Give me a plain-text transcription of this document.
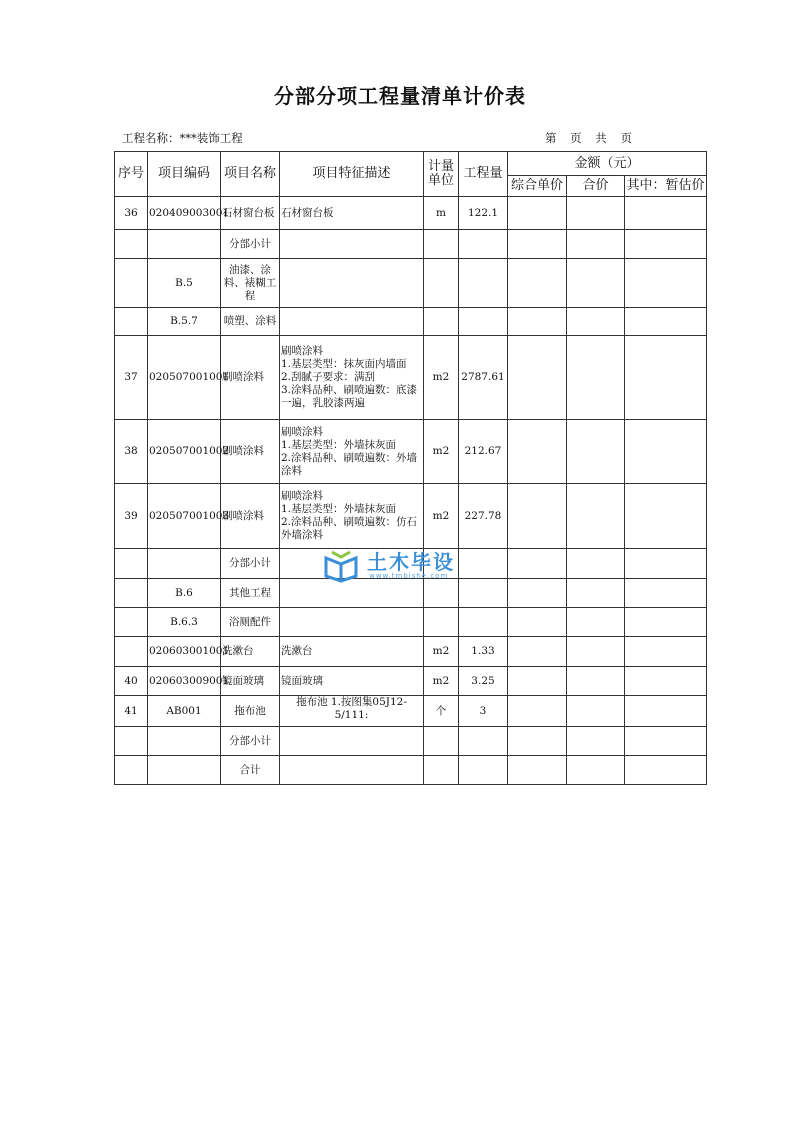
分部分项工程量清单计价表
工程名称：***装饰工程	第 页 共 页
序号	项目编码	项目名称	项目特征描述	计量单位	工程量	金额（元）		
						综合单价	合价	其中：暂估价
36	020409003001	石材窗台板	石材窗台板	m	122.1			
		分部小计						
	B.5	油漆、涂料、裱糊工程						
	B.5.7	喷塑、涂料						
37	020507001001	刷喷涂料	刷喷涂料
1.基层类型：抹灰面内墙面
2.刮腻子要求：满刮
3.涂料品种、刷喷遍数：底漆一遍，乳胶漆两遍	m2	2787.61			
38	020507001002	刷喷涂料	刷喷涂料
1.基层类型：外墙抹灰面
2.涂料品种、刷喷遍数：外墙涂料	m2	212.67			
39	020507001003	刷喷涂料	刷喷涂料
1.基层类型：外墙抹灰面
2.涂料品种、刷喷遍数：仿石外墙涂料	m2	227.78			
		分部小计						
	B.6	其他工程						
	B.6.3	浴厕配件						
	020603001001	洗漱台	洗漱台	m2	1.33			
40	020603009001	镜面玻璃	镜面玻璃	m2	3.25			
41	AB001	拖布池	拖布池 1.按图集05J12-5/111:	个	3			
		分部小计						
		合计						
土木毕设
www.tmbishe.com
